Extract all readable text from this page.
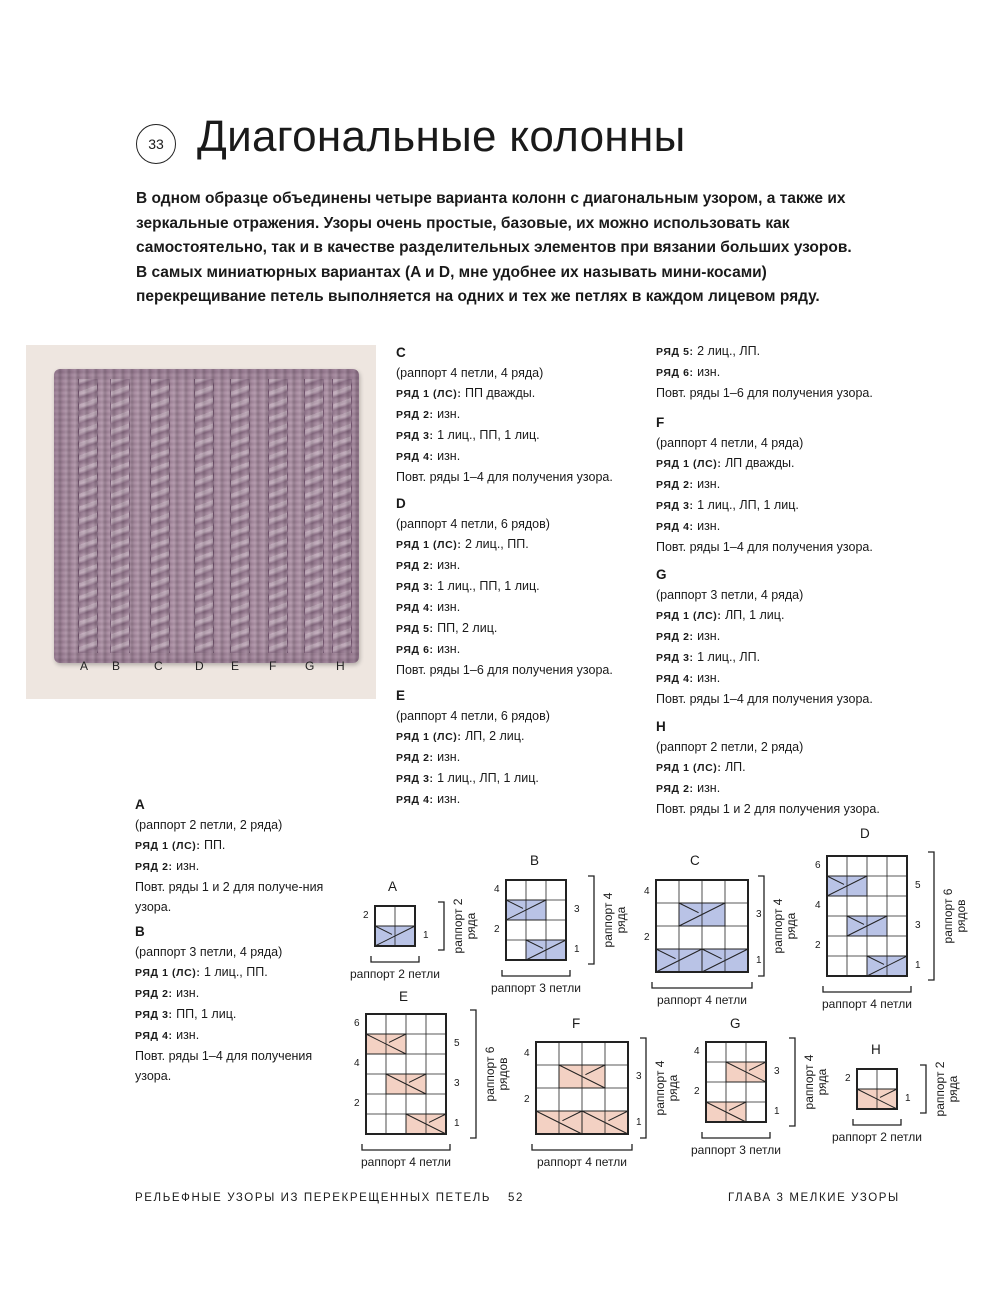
33 Диагональные колонны
В одном образце объединены четыре варианта колонн с диагональным узором, а также их зеркальные отражения. Узоры очень простые, базовые, их можно использовать как самостоятельно, так и в качестве разделительных элементов при вязании больших узоров. В самых миниатюрных вариантах (A и D, мне удобнее их называть мини-косами) перекрещивание петель выполняется на одних и тех же петлях в каждом лицевом ряду.
A B	C	D E F G H

A

(раппорт 2 петли, 2 ряда)

РЯД 1 (ЛС): ПП.

РЯД 2: изн.

Повт. ряды 1 и 2 для получе-ния узора.

B

(раппорт 3 петли, 4 ряда)

РЯД 1 (ЛС): 1 лиц., ПП.

РЯД 2: изн.

РЯД 3: ПП, 1 лиц.

РЯД 4: изн.

Повт. ряды 1–4 для получения узора.

C

(раппорт 4 петли, 4 ряда)

РЯД 1 (ЛС): ПП дважды.

РЯД 2: изн.

РЯД 3: 1 лиц., ПП, 1 лиц.

РЯД 4: изн.

Повт. ряды 1–4 для получения узора.

D

(раппорт 4 петли, 6 рядов)

РЯД 1 (ЛС): 2 лиц., ПП.

РЯД 2: изн.

РЯД 3: 1 лиц., ПП, 1 лиц.

РЯД 4: изн.

РЯД 5: ПП, 2 лиц.

РЯД 6: изн.

Повт. ряды 1–6 для получения узора.

E

(раппорт 4 петли, 6 рядов)

РЯД 1 (ЛС): ЛП, 2 лиц.

РЯД 2: изн.

РЯД 3: 1 лиц., ЛП, 1 лиц.

РЯД 4: изн.

РЯД 5: 2 лиц., ЛП.

РЯД 6: изн.

Повт. ряды 1–6 для получения узора.

F

(раппорт 4 петли, 4 ряда)

РЯД 1 (ЛС): ЛП дважды.

РЯД 2: изн.

РЯД 3: 1 лиц., ЛП, 1 лиц.

РЯД 4: изн.

Повт. ряды 1–4 для получения узора.

G

(раппорт 3 петли, 4 ряда)

РЯД 1 (ЛС): ЛП, 1 лиц.

РЯД 2: изн.

РЯД 3: 1 лиц., ЛП.

РЯД 4: изн.

Повт. ряды 1–4 для получения узора.

H

(раппорт 2 петли, 2 ряда)

РЯД 1 (ЛС): ЛП.

РЯД 2: изн.

Повт. ряды 1 и 2 для получения узора.

A
2
1
раппорт 2 петли
раппорт 2 ряда
B
4
2
3
1
раппорт 3 петли
раппорт 4 ряда
C
4
2
3
1
раппорт 4 петли
раппорт 4 ряда
D
6
4
2
5
3
1
раппорт 4 петли
раппорт 6 рядов
E
6
4
2
5
3
1
раппорт 4 петли
раппорт 6 рядов
F
4
2
3
1
раппорт 4 петли
раппорт 4 ряда
G
4
2
3
1
раппорт 3 петли
раппорт 4 ряда
H
2
1
раппорт 2 петли
раппорт 2 ряда
РЕЛЬЕФНЫЕ УЗОРЫ ИЗ ПЕРЕКРЕЩЕННЫХ ПЕТЕЛЬ 52	ГЛАВА 3 МЕЛКИЕ УЗОРЫ
